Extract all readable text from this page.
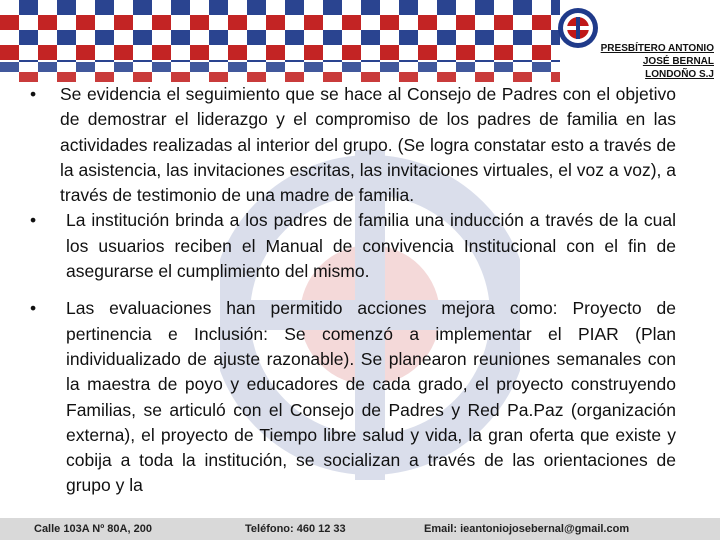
PRESBÍTERO ANTONIO
JOSÉ BERNAL
LONDOÑO S.J
• Se evidencia el seguimiento que se hace al Consejo de Padres con el objetivo de demostrar el liderazgo y el compromiso de los padres de familia en las actividades realizadas al interior del grupo. (Se logra constatar esto a través de la asistencia, las invitaciones escritas, las invitaciones virtuales, el voz a voz), a través de testimonio de una madre de familia.
• La institución brinda a los padres de familia una inducción a través de la cual los usuarios reciben el Manual de convivencia Institucional con el fin de asegurarse el cumplimiento del mismo.
• Las evaluaciones han permitido acciones mejora como: Proyecto de pertinencia e Inclusión: Se comenzó a implementar el PIAR (Plan individualizado de ajuste razonable). Se planearon reuniones semanales con la maestra de poyo y educadores de cada grado, el proyecto construyendo Familias, se articuló con el Consejo de Padres y Red Pa.Paz (organización externa), el proyecto de Tiempo libre salud y vida, la gran oferta que existe y cobija a toda la institución, se socializan a través de las orientaciones de grupo y la
Calle 103A Nº 80A, 200	Teléfono: 460 12 33	Email: ieantoniojosebernal@gmail.com
